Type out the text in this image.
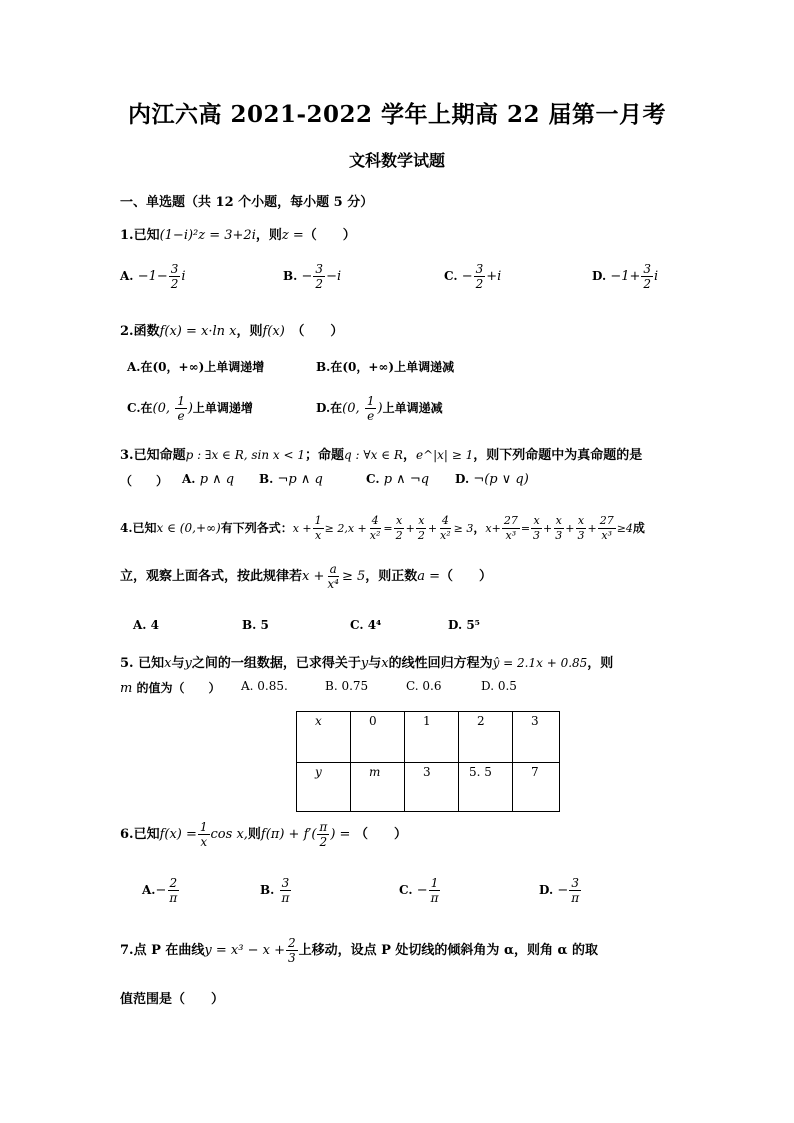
内江六高 2021-2022 学年上期高 22 届第一月考
文科数学试题
一、单选题（共 12 个小题，每小题 5 分）
1.已知(1−i)²z = 3+2i，则z =（　　）
A. $-1- \frac{3}{2}$ i	B. − $\frac{3}{2} -i$	C. − $\frac{3}{2} +i$	D. $-1+ \frac{3}{2}$ i
2.函数f(x) = x·ln x，则f(x)　 （　　）
A.在(0，+∞)上单调递增	B.在(0，+∞)上单调递减
C.在(0, $\frac{1}{e}$ )上单调递增	D.在(0, $\frac{1}{e}$ )上单调递减
3.已知命题p : ∃x ∈ R, sin x < 1；命题q : ∀x ∈ R，e^|x| ≥ 1，则下列命题中为真命题的是
（　　） A. p ∧ q B. ¬p ∧ q	C. p ∧ ¬q D. ¬(p ∨ q)
4.已知x ∈ (0,+∞)有下列各式：$x + \frac{1}{x} \ge 2,x + \frac{4}{\text{x²}} = \frac{x}{2} + \frac{x}{2} + \frac{4}{\text{x²}} \ge 3$，$x+ \frac{27}{\text{x³}} = \frac{x}{3} + \frac{x}{3} + \frac{x}{3} + \frac{27}{\text{x³}} \ge 4$成
立，观察上面各式，按此规律若$x + \frac{a}{\text{x⁴}} \ge 5$，则正数a =（　　）
A. 4	B. 5	C. 4⁴	D. 5⁵
5. 已知x与y之间的一组数据，已求得关于y与x的线性回归方程为ŷ = 2.1x + 0.85，则
m 的值为（　　） A. 0.85.	B. 0.75	C. 0.6	D. 0.5
x	0	1	2	3
y	m	3	5. 5	7
6.已知$f(x) = \frac{1}{x}$ cos x,则$f(\pi) + f'( \frac{\pi}{2}$ ) = （　　）
$A.- \frac{2}{\pi}$	B. $\frac{3}{\pi}$	C. − $\frac{1}{\pi}$	D. − $\frac{3}{\pi}$
7.点 P 在曲线$y = x^3 - x + \frac{2}{3}$ 上移动，设点 P 处切线的倾斜角为 α，则角 α 的取
值范围是（　　）
